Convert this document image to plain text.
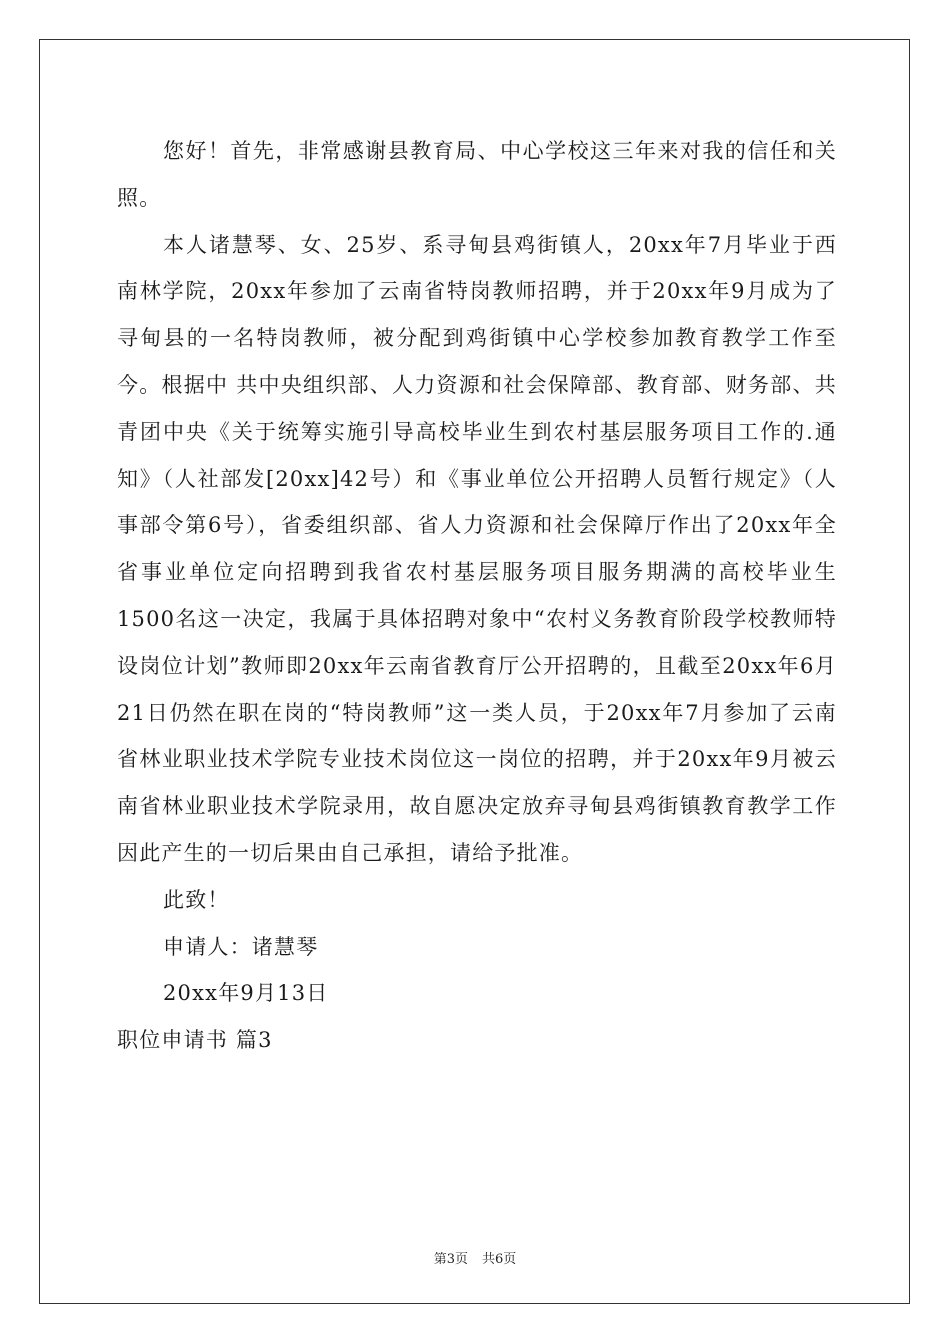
您好！首先，非常感谢县教育局、中心学校这三年来对我的信任和关照。

本人诸慧琴、女、25岁、系寻甸县鸡街镇人，20xx年7月毕业于西南林学院，20xx年参加了云南省特岗教师招聘，并于20xx年9月成为了寻甸县的一名特岗教师，被分配到鸡街镇中心学校参加教育教学工作至今。根据中 共中央组织部、人力资源和社会保障部、教育部、财务部、共青团中央《关于统筹实施引导高校毕业生到农村基层服务项目工作的.通知》（人社部发[20xx]42号）和《事业单位公开招聘人员暂行规定》（人事部令第6号），省委组织部、省人力资源和社会保障厅作出了20xx年全省事业单位定向招聘到我省农村基层服务项目服务期满的高校毕业生1500名这一决定，我属于具体招聘对象中“农村义务教育阶段学校教师特设岗位计划”教师即20xx年云南省教育厅公开招聘的，且截至20xx年6月21日仍然在职在岗的“特岗教师”这一类人员，于20xx年7月参加了云南省林业职业技术学院专业技术岗位这一岗位的招聘，并于20xx年9月被云南省林业职业技术学院录用，故自愿决定放弃寻甸县鸡街镇教育教学工作因此产生的一切后果由自己承担，请给予批准。

此致！

申请人：诸慧琴

20xx年9月13日

职位申请书 篇3

第3页 共6页
